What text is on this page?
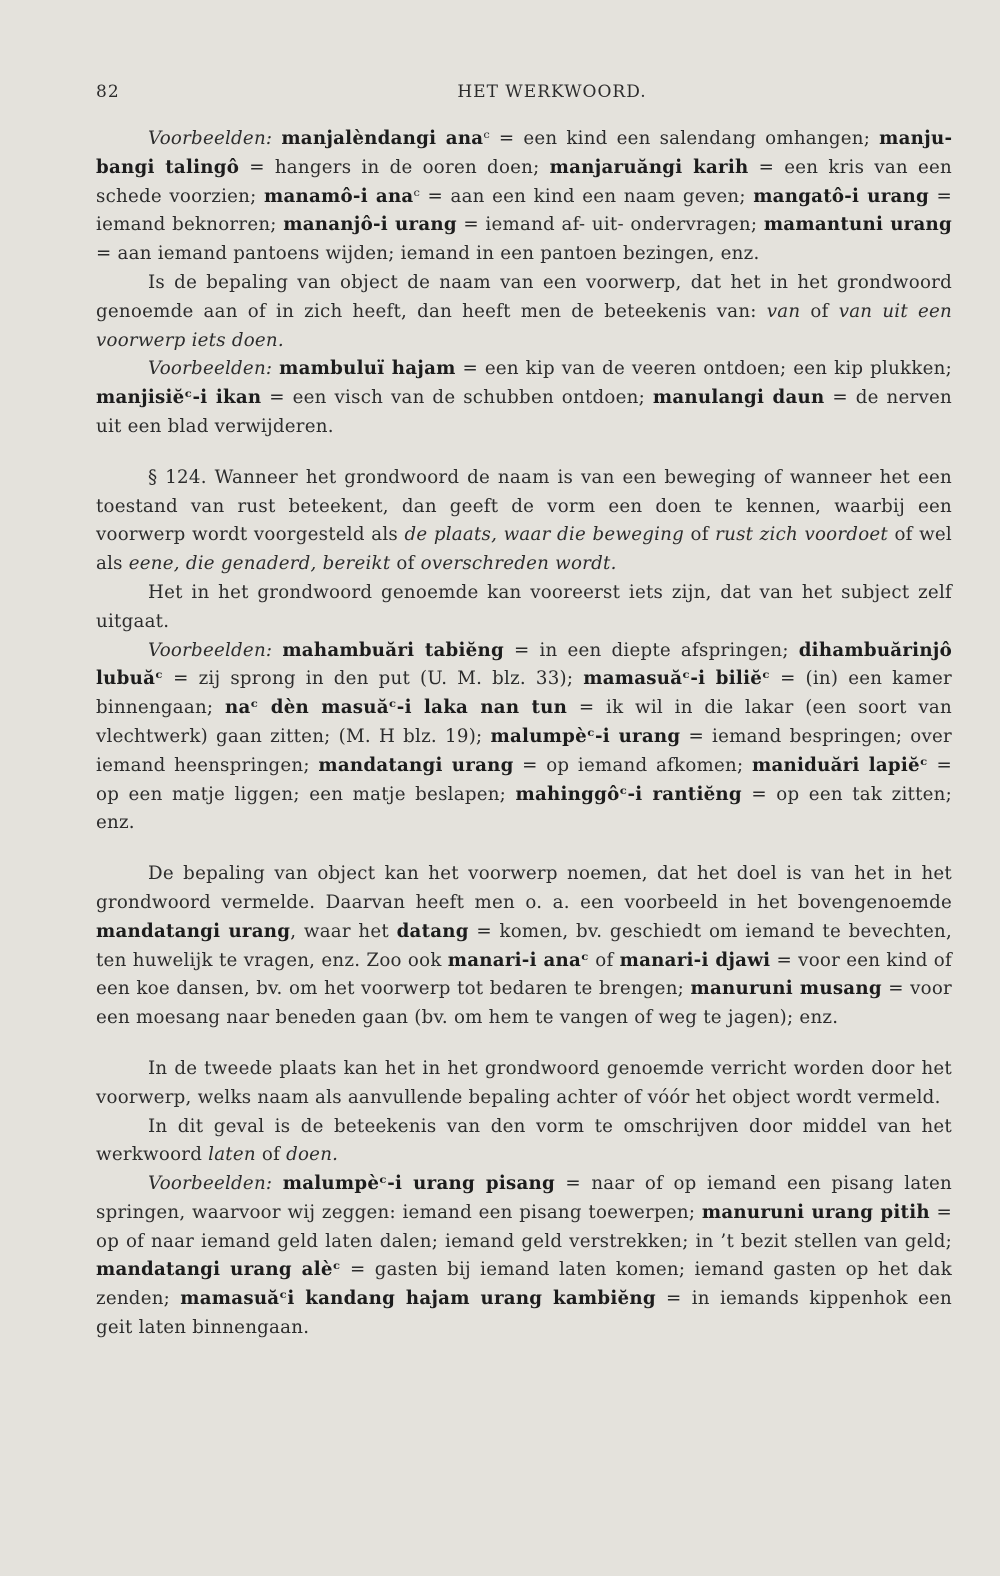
82	HET WERKWOORD.

Voorbeelden: manjalèndangi anaᶜ = een kind een salendang omhangen; manjubangi talingô = hangers in de ooren doen; manjaruăngi karih = een kris van een schede voorzien; manamô-i anaᶜ = aan een kind een naam geven; mangatô-i urang = iemand beknorren; mananjô-i urang = iemand af- uit- ondervragen; mamantuni urang = aan iemand pantoens wijden; iemand in een pantoen bezingen, enz.

Is de bepaling van object de naam van een voorwerp, dat het in het grondwoord genoemde aan of in zich heeft, dan heeft men de beteekenis van: van of van uit een voorwerp iets doen.

Voorbeelden: mambuluï hajam = een kip van de veeren ontdoen; een kip plukken; manjisiĕᶜ-i ikan = een visch van de schubben ontdoen; manulangi daun = de nerven uit een blad verwijderen.

§ 124. Wanneer het grondwoord de naam is van een beweging of wanneer het een toestand van rust beteekent, dan geeft de vorm een doen te kennen, waarbij een voorwerp wordt voorgesteld als de plaats, waar die beweging of rust zich voordoet of wel als eene, die genaderd, bereikt of overschreden wordt.

Het in het grondwoord genoemde kan vooreerst iets zijn, dat van het subject zelf uitgaat.

Voorbeelden: mahambuări tabiĕng = in een diepte afspringen; dihambuărinjô lubuăᶜ = zij sprong in den put (U. M. blz. 33); mamasuăᶜ-i biliĕᶜ = (in) een kamer binnengaan; naᶜ dèn masuăᶜ-i laka nan tun = ik wil in die lakar (een soort van vlechtwerk) gaan zitten; (M. H blz. 19); malumpèᶜ-i urang = iemand bespringen; over iemand heenspringen; mandatangi urang = op iemand afkomen; maniduări lapiĕᶜ = op een matje liggen; een matje beslapen; mahinggôᶜ-i rantiĕng = op een tak zitten; enz.

De bepaling van object kan het voorwerp noemen, dat het doel is van het in het grondwoord vermelde. Daarvan heeft men o. a. een voorbeeld in het bovengenoemde mandatangi urang, waar het datang = komen, bv. geschiedt om iemand te bevechten, ten huwelijk te vragen, enz. Zoo ook manari-i anaᶜ of manari-i djawi = voor een kind of een koe dansen, bv. om het voorwerp tot bedaren te brengen; manuruni musang = voor een moesang naar beneden gaan (bv. om hem te vangen of weg te jagen); enz.

In de tweede plaats kan het in het grondwoord genoemde verricht worden door het voorwerp, welks naam als aanvullende bepaling achter of vóór het object wordt vermeld.

In dit geval is de beteekenis van den vorm te omschrijven door middel van het werkwoord laten of doen.

Voorbeelden: malumpèᶜ-i urang pisang = naar of op iemand een pisang laten springen, waarvoor wij zeggen: iemand een pisang toewerpen; manuruni urang pitih = op of naar iemand geld laten dalen; iemand geld verstrekken; in ’t bezit stellen van geld; mandatangi urang alèᶜ = gasten bij iemand laten komen; iemand gasten op het dak zenden; mamasuăᶜi kandang hajam urang kambiĕng = in iemands kippenhok een geit laten binnengaan.
